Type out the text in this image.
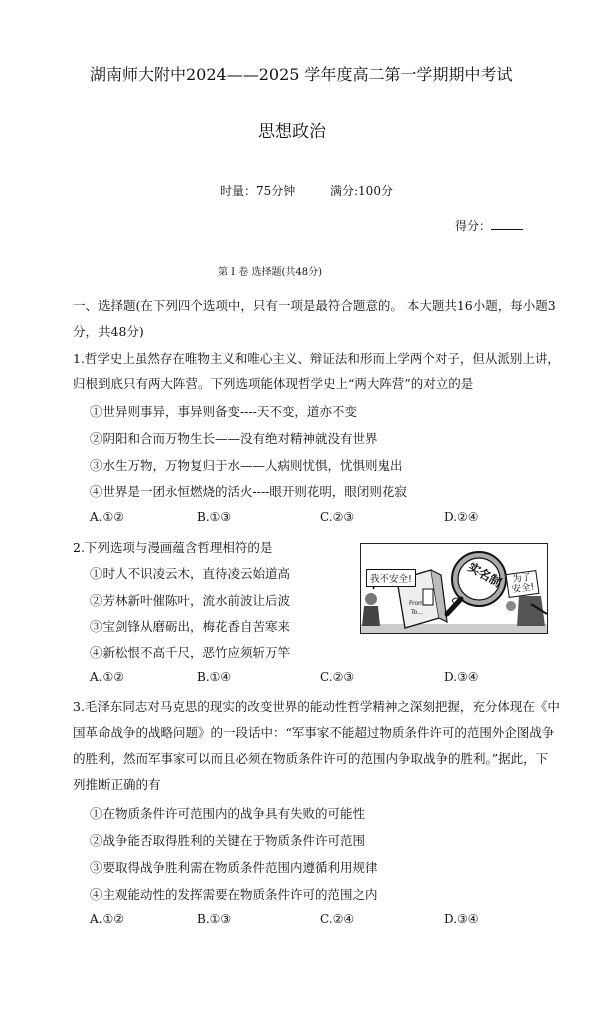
湖南师大附中2024——2025 学年度高二第一学期期中考试
思想政治
时量：75分钟	满分:100分
得分：
第 I 卷 选择题(共48分)
一、选择题(在下列四个选项中，只有一项是最符合题意的。 本大题共16小题，每小题3
分，共48分)
1.哲学史上虽然存在唯物主义和唯心主义、辩证法和形而上学两个对子，但从派别上讲，
归根到底只有两大阵营。下列选项能体现哲学史上“两大阵营”的对立的是
①世异则事异，事异则备变----天不变，道亦不变
②阴阳和合而万物生长——没有绝对精神就没有世界
③水生万物，万物复归于水——人病则忧惧，忧惧则鬼出
④世界是一团永恒燃烧的活火----眼开则花明，眼闭则花寂
A.①②	B.①③	C.②③	D.②④
2.下列选项与漫画蕴含哲理相符的是
①时人不识凌云木，直待凌云始道高
②芳林新叶催陈叶，流水前波让后波
③宝剑锋从磨砺出，梅花香自苦寒来
④新松恨不高千尺，恶竹应须斩万竿
A.①②	B.①④	C.②③	D.③④
我不安全!
From...
To...
实名制 为了
安全!
3.毛泽东同志对马克思的现实的改变世界的能动性哲学精神之深刻把握，充分体现在《中
国革命战争的战略问题》的一段话中：“军事家不能超过物质条件许可的范围外企图战争
的胜利，然而军事家可以而且必须在物质条件许可的范围内争取战争的胜利。”据此，下
列推断正确的有
①在物质条件许可范围内的战争具有失败的可能性
②战争能否取得胜利的关键在于物质条件许可范围
③要取得战争胜利需在物质条件范围内遵循利用规律
④主观能动性的发挥需要在物质条件许可的范围之内
A.①②	B.①③	C.②④	D.③④
